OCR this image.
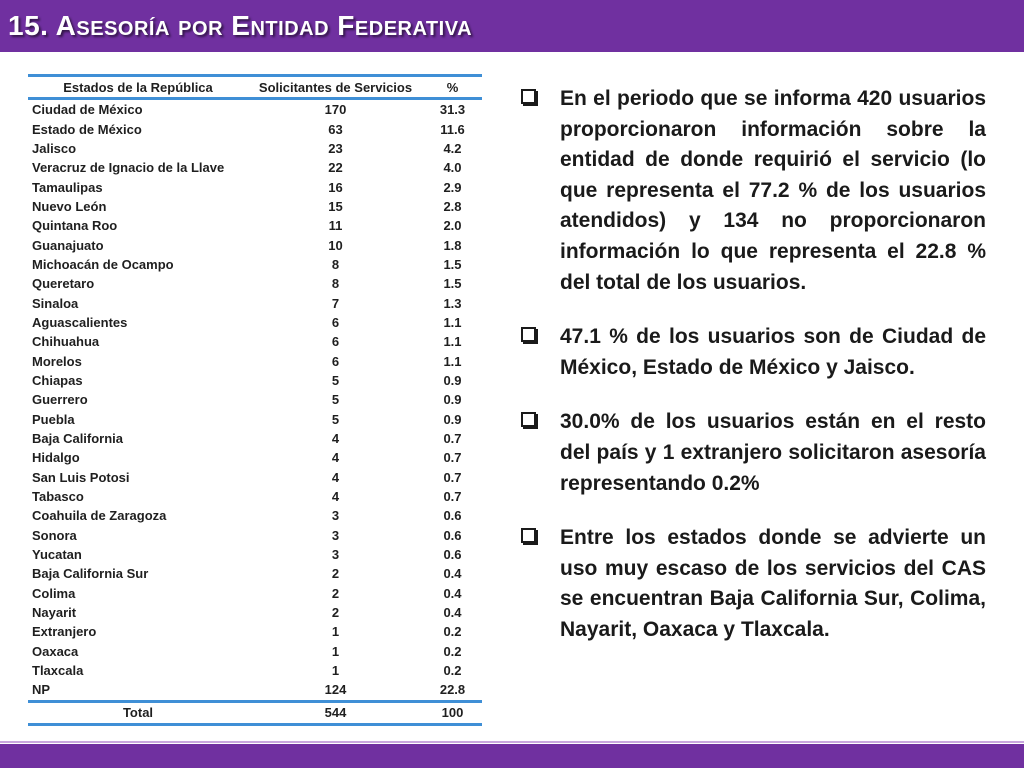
15. Asesoría por Entidad Federativa
Estados de la República	Solicitantes de Servicios	%
Ciudad de México	170	31.3
Estado de México	63	11.6
Jalisco	23	4.2
Veracruz de Ignacio de la Llave	22	4.0
Tamaulipas	16	2.9
Nuevo León	15	2.8
Quintana Roo	11	2.0
Guanajuato	10	1.8
Michoacán de Ocampo	8	1.5
Queretaro	8	1.5
Sinaloa	7	1.3
Aguascalientes	6	1.1
Chihuahua	6	1.1
Morelos	6	1.1
Chiapas	5	0.9
Guerrero	5	0.9
Puebla	5	0.9
Baja California	4	0.7
Hidalgo	4	0.7
San Luis Potosi	4	0.7
Tabasco	4	0.7
Coahuila de Zaragoza	3	0.6
Sonora	3	0.6
Yucatan	3	0.6
Baja California Sur	2	0.4
Colima	2	0.4
Nayarit	2	0.4
Extranjero	1	0.2
Oaxaca	1	0.2
Tlaxcala	1	0.2
NP	124	22.8
Total	544	100
En el periodo que se informa 420 usuarios proporcionaron información sobre la entidad de donde requirió el servicio (lo que representa el 77.2 % de los usuarios atendidos) y 134 no proporcionaron información lo que representa el 22.8 % del total de los usuarios.
47.1 % de los usuarios son de Ciudad de México, Estado de México y Jaisco.
30.0% de los usuarios están en el resto del país y 1 extranjero solicitaron asesoría representando 0.2%
Entre los estados donde se advierte un uso muy escaso de los servicios del CAS se encuentran Baja California Sur, Colima, Nayarit, Oaxaca y Tlaxcala.
